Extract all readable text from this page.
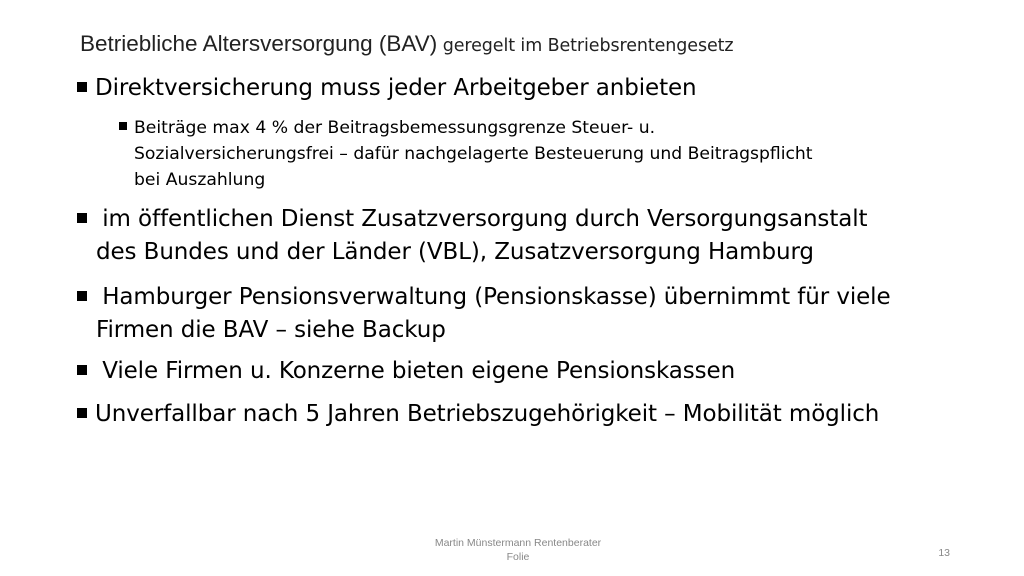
Betriebliche Altersversorgung (BAV) geregelt im Betriebsrentengesetz
Direktversicherung muss jeder Arbeitgeber anbieten
Beiträge max 4 % der Beitragsbemessungsgrenze Steuer- u.
Sozialversicherungsfrei – dafür nachgelagerte Besteuerung und Beitragspflicht
bei Auszahlung
im öffentlichen Dienst Zusatzversorgung durch Versorgungsanstalt
des Bundes und der Länder (VBL), Zusatzversorgung Hamburg
Hamburger Pensionsverwaltung (Pensionskasse) übernimmt für viele
Firmen die BAV – siehe Backup
Viele Firmen u. Konzerne bieten eigene Pensionskassen
Unverfallbar nach 5 Jahren Betriebszugehörigkeit – Mobilität möglich
Martin Münstermann Rentenberater
Folie	13
